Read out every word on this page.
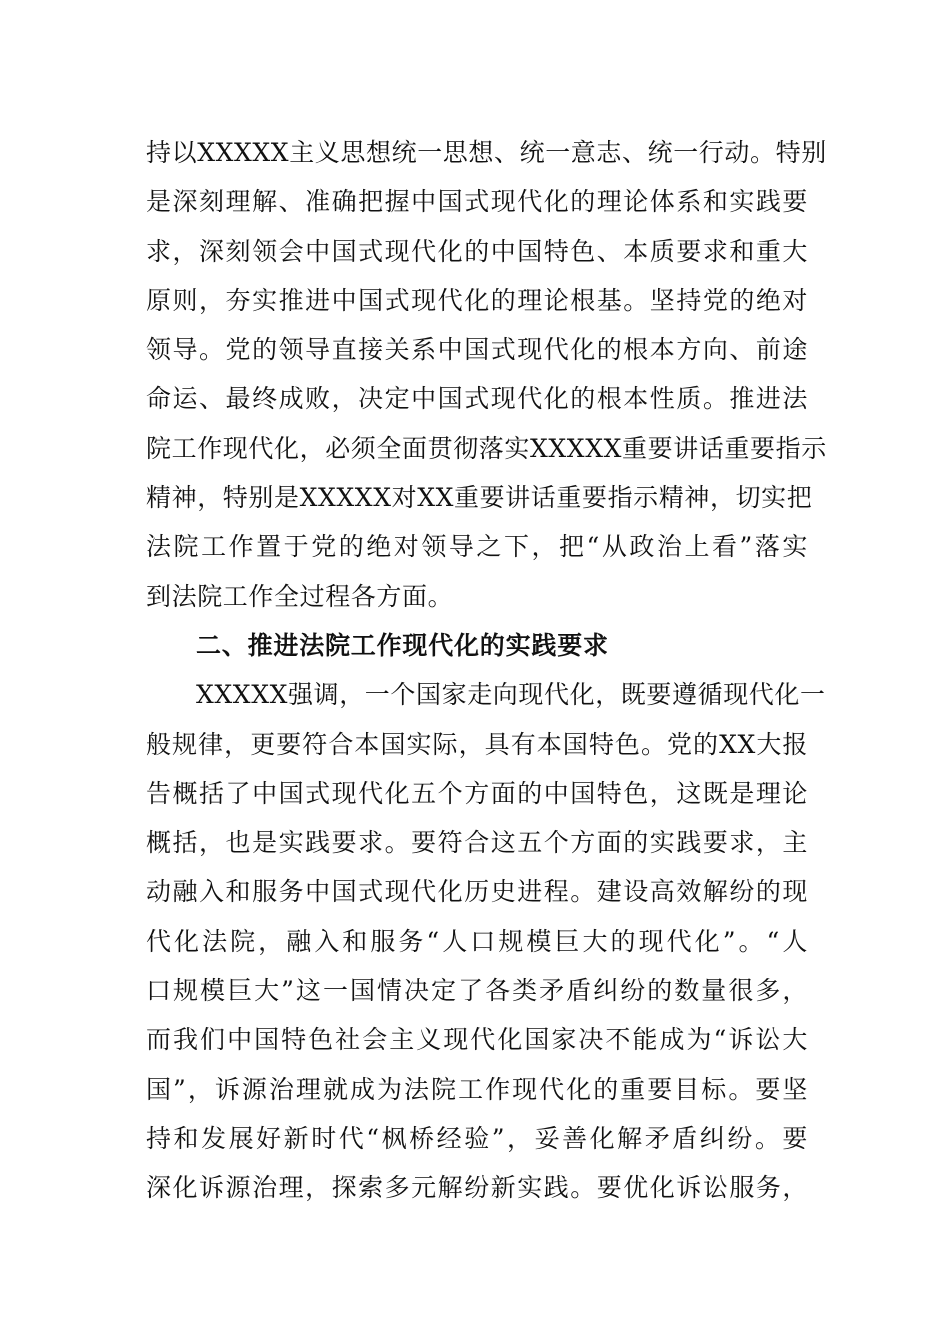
持以XXXXX主义思想统一思想、统一意志、统一行动。特别
是深刻理解、准确把握中国式现代化的理论体系和实践要
求，深刻领会中国式现代化的中国特色、本质要求和重大
原则，夯实推进中国式现代化的理论根基。坚持党的绝对
领导。党的领导直接关系中国式现代化的根本方向、前途
命运、最终成败，决定中国式现代化的根本性质。推进法
院工作现代化，必须全面贯彻落实XXXXX重要讲话重要指示
精神，特别是XXXXX对XX重要讲话重要指示精神，切实把
法院工作置于党的绝对领导之下，把“从政治上看”落实
到法院工作全过程各方面。
二、推进法院工作现代化的实践要求
XXXXX强调，一个国家走向现代化，既要遵循现代化一
般规律，更要符合本国实际，具有本国特色。党的XX大报
告概括了中国式现代化五个方面的中国特色，这既是理论
概括，也是实践要求。要符合这五个方面的实践要求，主
动融入和服务中国式现代化历史进程。建设高效解纷的现
代化法院，融入和服务“人口规模巨大的现代化”。“人
口规模巨大”这一国情决定了各类矛盾纠纷的数量很多，
而我们中国特色社会主义现代化国家决不能成为“诉讼大
国”，诉源治理就成为法院工作现代化的重要目标。要坚
持和发展好新时代“枫桥经验”，妥善化解矛盾纠纷。要
深化诉源治理，探索多元解纷新实践。要优化诉讼服务，
